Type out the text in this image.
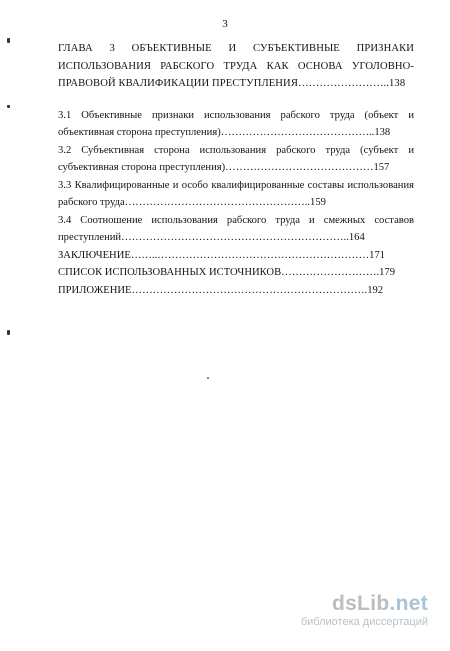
3
ГЛАВА 3 ОБЪЕКТИВНЫЕ И СУБЪЕКТИВНЫЕ ПРИЗНАКИ
ИСПОЛЬЗОВАНИЯ РАБСКОГО ТРУДА КАК ОСНОВА УГОЛОВНО-
ПРАВОВОЙ КВАЛИФИКАЦИИ ПРЕСТУПЛЕНИЯ……………………..138
3.1 Объективные признаки использования рабского труда (объект и
объективная сторона преступления)……………………………………..138
3.2 Субъективная сторона использования рабского труда (субъект и
субъективная сторона преступления)……………………………………157
3.3 Квалифицированные и особо квалифицированные составы использования
рабского труда……………………………………………..159
3.4 Соотношение использования рабского труда и смежных составов
преступлений………………………………………………………..164
ЗАКЛЮЧЕНИЕ……..……………………………………………………171
СПИСОК ИСПОЛЬЗОВАННЫХ ИСТОЧНИКОВ……………………….179
ПРИЛОЖЕНИЕ………………………………………………………….192
dsLib.net
библиотека диссертаций
